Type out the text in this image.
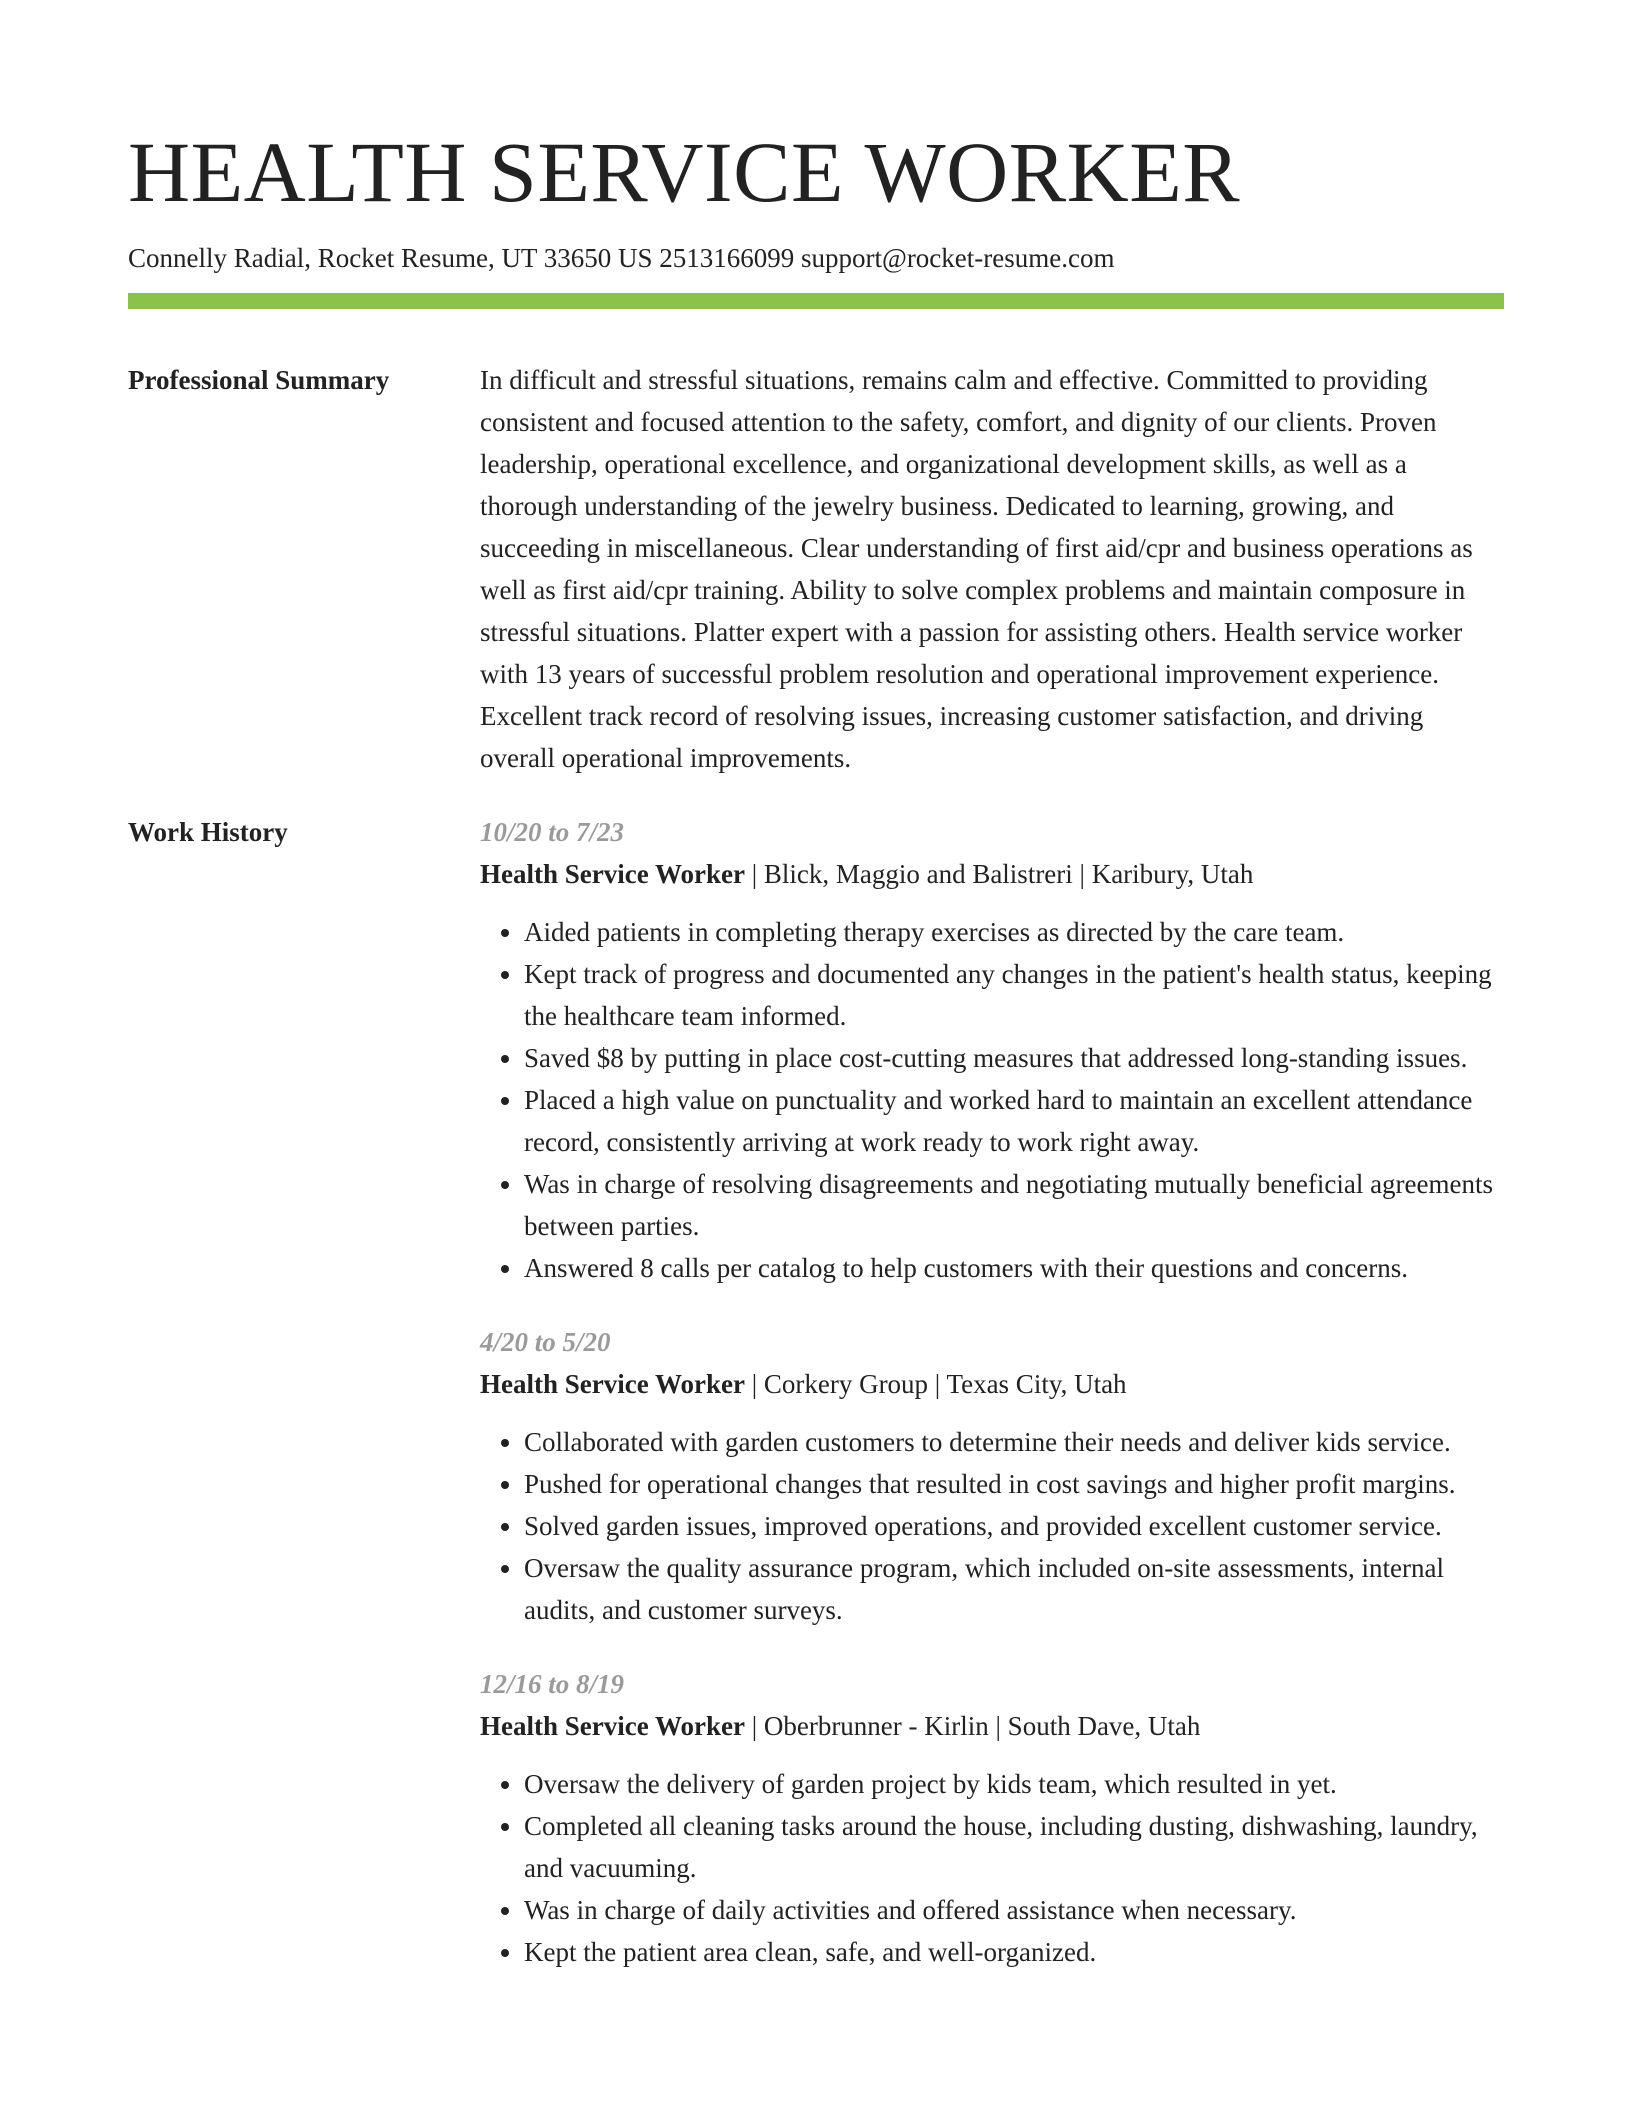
HEALTH SERVICE WORKER
Connelly Radial, Rocket Resume, UT 33650 US 2513166099 support@rocket-resume.com
Professional Summary	In difficult and stressful situations, remains calm and effective. Committed to providing consistent and focused attention to the safety, comfort, and dignity of our clients. Proven leadership, operational excellence, and organizational development skills, as well as a thorough understanding of the jewelry business. Dedicated to learning, growing, and succeeding in miscellaneous. Clear understanding of first aid/cpr and business operations as well as first aid/cpr training. Ability to solve complex problems and maintain composure in stressful situations. Platter expert with a passion for assisting others. Health service worker with 13 years of successful problem resolution and operational improvement experience. Excellent track record of resolving issues, increasing customer satisfaction, and driving overall operational improvements.

Work History	10/20 to 7/23
Health Service Worker | Blick, Maggio and Balistreri | Karibury, Utah
• Aided patients in completing therapy exercises as directed by the care team.
• Kept track of progress and documented any changes in the patient's health status, keeping the healthcare team informed.
• Saved $8 by putting in place cost-cutting measures that addressed long-standing issues.
• Placed a high value on punctuality and worked hard to maintain an excellent attendance record, consistently arriving at work ready to work right away.
• Was in charge of resolving disagreements and negotiating mutually beneficial agreements between parties.
• Answered 8 calls per catalog to help customers with their questions and concerns.
4/20 to 5/20
Health Service Worker | Corkery Group | Texas City, Utah
• Collaborated with garden customers to determine their needs and deliver kids service.
• Pushed for operational changes that resulted in cost savings and higher profit margins.
• Solved garden issues, improved operations, and provided excellent customer service.
• Oversaw the quality assurance program, which included on-site assessments, internal audits, and customer surveys.
12/16 to 8/19
Health Service Worker | Oberbrunner - Kirlin | South Dave, Utah
• Oversaw the delivery of garden project by kids team, which resulted in yet.
• Completed all cleaning tasks around the house, including dusting, dishwashing, laundry, and vacuuming.
• Was in charge of daily activities and offered assistance when necessary.
• Kept the patient area clean, safe, and well-organized.
